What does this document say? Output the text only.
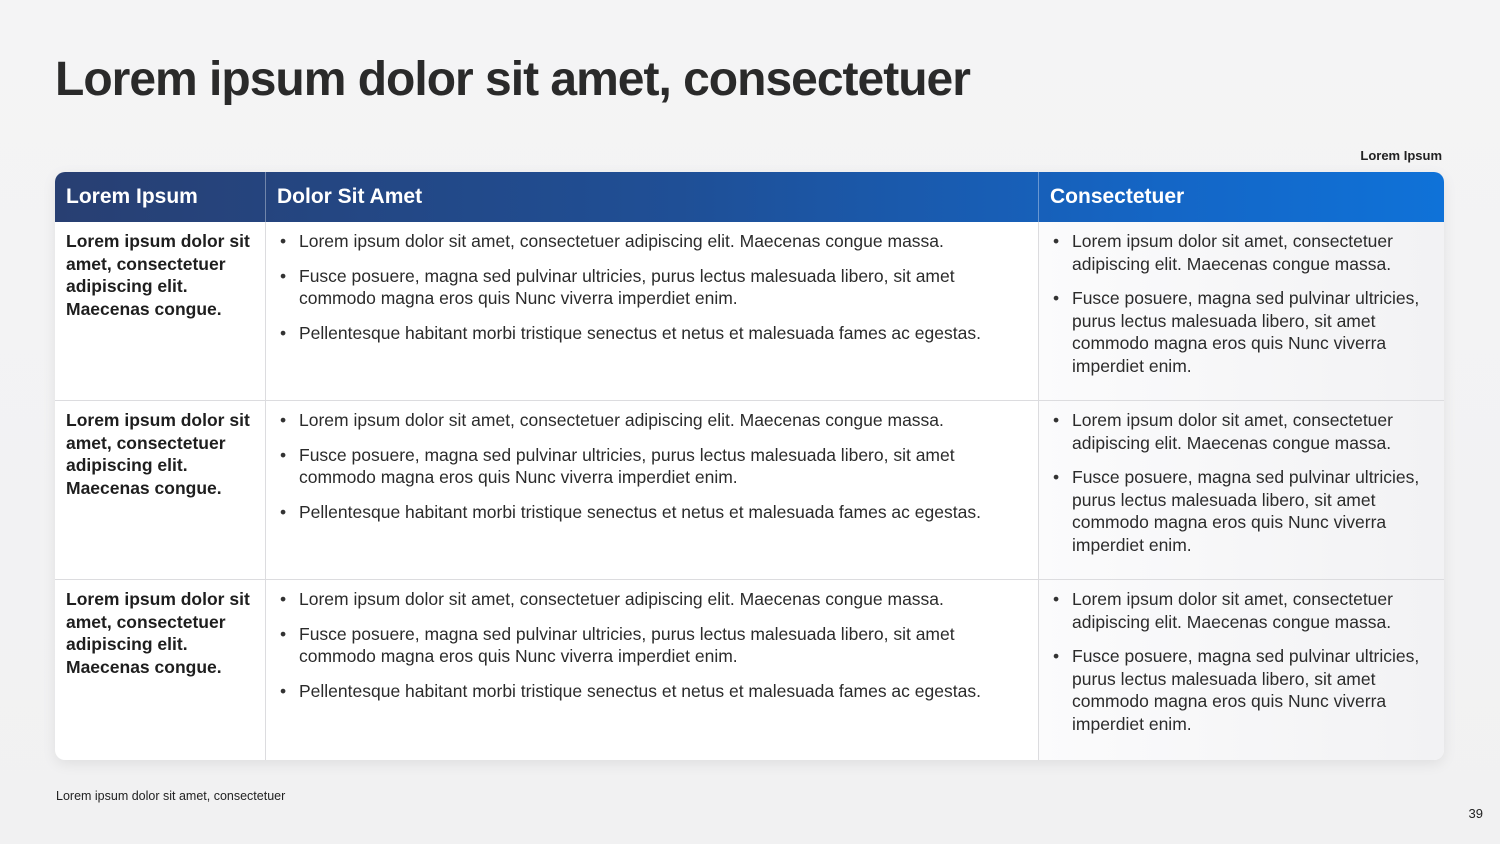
Lorem ipsum dolor sit amet, consectetuer
Lorem Ipsum
Lorem Ipsum	Dolor Sit Amet	Consectetuer
Lorem ipsum dolor sit amet, consectetuer adipiscing elit. Maecenas congue.
• Lorem ipsum dolor sit amet, consectetuer adipiscing elit. Maecenas congue massa.
• Fusce posuere, magna sed pulvinar ultricies, purus lectus malesuada libero, sit amet commodo magna eros quis Nunc viverra imperdiet enim.
• Pellentesque habitant morbi tristique senectus et netus et malesuada fames ac egestas.
• Lorem ipsum dolor sit amet, consectetuer adipiscing elit. Maecenas congue massa.
• Fusce posuere, magna sed pulvinar ultricies, purus lectus malesuada libero, sit amet commodo magna eros quis Nunc viverra imperdiet enim.
Lorem ipsum dolor sit amet, consectetuer adipiscing elit. Maecenas congue.
• Lorem ipsum dolor sit amet, consectetuer adipiscing elit. Maecenas congue massa.
• Fusce posuere, magna sed pulvinar ultricies, purus lectus malesuada libero, sit amet commodo magna eros quis Nunc viverra imperdiet enim.
• Pellentesque habitant morbi tristique senectus et netus et malesuada fames ac egestas.
• Lorem ipsum dolor sit amet, consectetuer adipiscing elit. Maecenas congue massa.
• Fusce posuere, magna sed pulvinar ultricies, purus lectus malesuada libero, sit amet commodo magna eros quis Nunc viverra imperdiet enim.
Lorem ipsum dolor sit amet, consectetuer adipiscing elit. Maecenas congue.
• Lorem ipsum dolor sit amet, consectetuer adipiscing elit. Maecenas congue massa.
• Fusce posuere, magna sed pulvinar ultricies, purus lectus malesuada libero, sit amet commodo magna eros quis Nunc viverra imperdiet enim.
• Pellentesque habitant morbi tristique senectus et netus et malesuada fames ac egestas.
• Lorem ipsum dolor sit amet, consectetuer adipiscing elit. Maecenas congue massa.
• Fusce posuere, magna sed pulvinar ultricies, purus lectus malesuada libero, sit amet commodo magna eros quis Nunc viverra imperdiet enim.
Lorem ipsum dolor sit amet, consectetuer
39
